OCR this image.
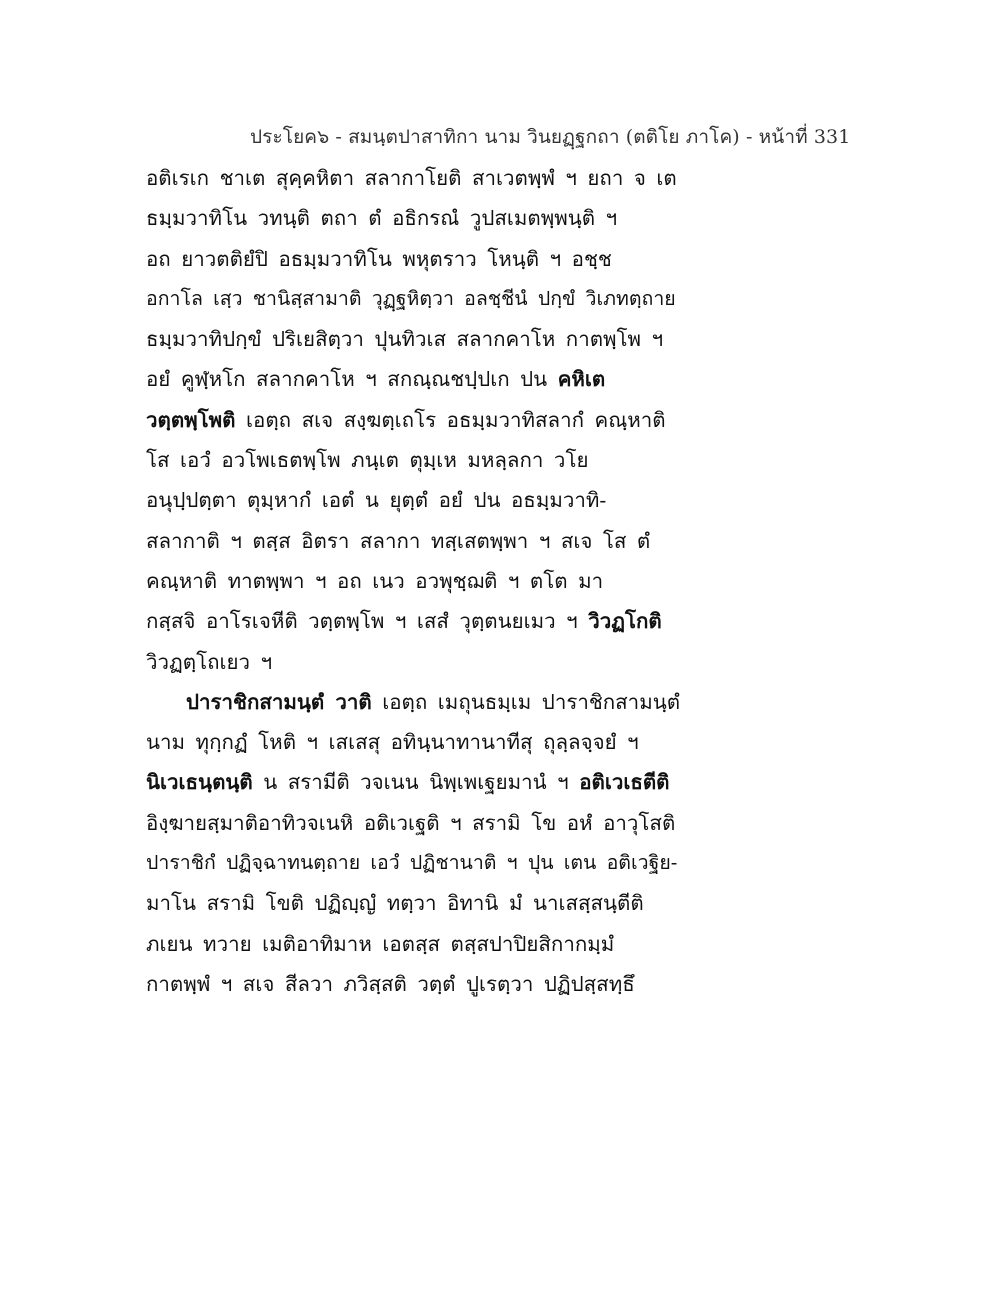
ประโยค๖ - สมนฺตปาสาทิกา นาม วินยฏฺฐกถา (ตติโย ภาโค) - หน้าที่ 331
อติเรเก ชาเต สุคฺคหิตา สลากาโยติ สาเวตพฺพํ ฯ ยถา จ เต
ธมฺมวาทิโน วทนฺติ ตถา ตํ อธิกรณํ วูปสเมตพฺพนฺติ ฯ
อถ ยาวตติยํปิ อธมฺมวาทิโน พหุตราว โหนฺติ ฯ อชฺช
อกาโล เสฺว ชานิสฺสามาติ วุฏฺฐหิตฺวา อลชฺชีนํ ปกฺขํ วิเภทตฺถาย
ธมฺมวาทิปกฺขํ ปริเยสิตฺวา ปุนทิวเส สลากคาโห กาตพฺโพ ฯ
อยํ คูฬฺหโก สลากคาโห ฯ สกณฺณชปฺปเก ปน คหิเต
วตฺตพฺโพติ เอตฺถ สเจ สงฺฆตฺเถโร อธมฺมวาทิสลากํ คณฺหาติ
โส เอวํ อวโพเธตพฺโพ ภนฺเต ตุมฺเห มหลฺลกา วโย
อนุปฺปตฺตา ตุมฺหากํ เอตํ น ยุตฺตํ อยํ ปน อธมฺมวาทิ-
สลากาติ ฯ ตสฺส อิตรา สลากา ทสฺเสตพฺพา ฯ สเจ โส ตํ
คณฺหาติ ทาตพฺพา ฯ อถ เนว อวพุชฺฌติ ฯ ตโต มา
กสฺสจิ อาโรเจหีติ วตฺตพฺโพ ฯ เสสํ วุตฺตนยเมว ฯ วิวฏโกติ
วิวฏตฺโถเยว ฯ
ปาราชิกสามนฺตํ วาติ เอตฺถ เมถุนธมฺเม ปาราชิกสามนฺตํ
นาม ทุกฺกฏํ โหติ ฯ เสเสสุ อทินฺนาทานาทีสุ ถุลฺลจฺจยํ ฯ
นิเวเธนฺตนฺติ น สรามีติ วจเนน นิพฺเพเฐยมานํ ฯ อติเวเธตีติ
อิงฺฆายสฺมาติอาทิวจเนหิ อติเวเฐติ ฯ สรามิ โข อหํ อาวุโสติ
ปาราชิกํ ปฏิจฺฉาทนตฺถาย เอวํ ปฏิชานาติ ฯ ปุน เตน อติเวฐิย-
มาโน สรามิ โขติ ปฏิญฺญํ ทตฺวา อิทานิ มํ นาเสสฺสนฺตีติ
ภเยน ทวาย เมติอาทิมาห เอตสฺส ตสฺสปาปิยสิกากมฺมํ
กาตพฺพํ ฯ สเจ สีลวา ภวิสฺสติ วตฺตํ ปูเรตฺวา ปฏิปสฺสทฺธึ
